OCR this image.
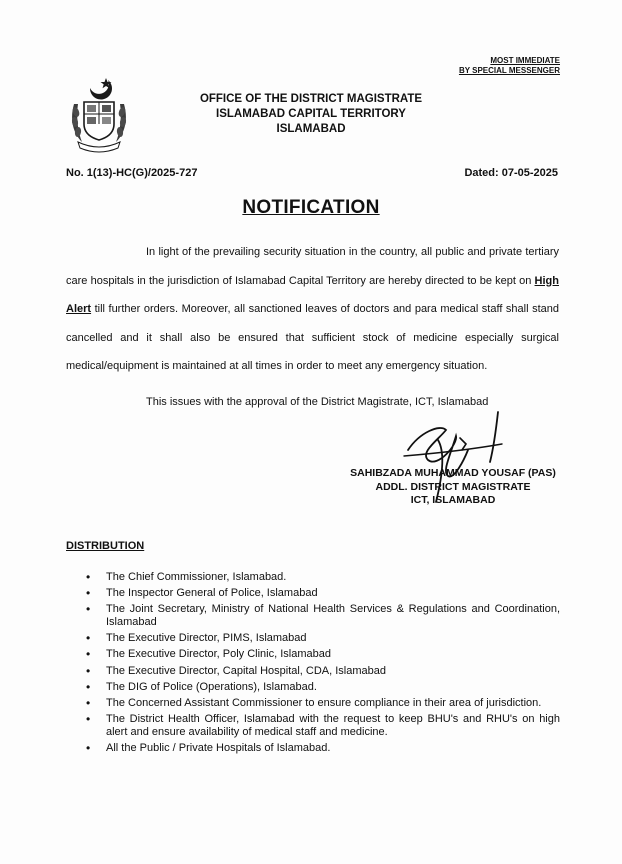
MOST IMMEDIATE
BY SPECIAL MESSENGER
OFFICE OF THE DISTRICT MAGISTRATE
ISLAMABAD CAPITAL TERRITORY
ISLAMABAD
No. 1(13)-HC(G)/2025-727	Dated: 07-05-2025
NOTIFICATION

In light of the prevailing security situation in the country, all public and private tertiary care hospitals in the jurisdiction of Islamabad Capital Territory are hereby directed to be kept on High Alert till further orders. Moreover, all sanctioned leaves of doctors and para medical staff shall stand cancelled and it shall also be ensured that sufficient stock of medicine especially surgical medical/equipment is maintained at all times in order to meet any emergency situation.

This issues with the approval of the District Magistrate, ICT, Islamabad
SAHIBZADA MUHAMMAD YOUSAF (PAS)
ADDL. DISTRICT MAGISTRATE
ICT, ISLAMABAD
DISTRIBUTION
• The Chief Commissioner, Islamabad.
• The Inspector General of Police, Islamabad
• The Joint Secretary, Ministry of National Health Services & Regulations and Coordination, Islamabad
• The Executive Director, PIMS, Islamabad
• The Executive Director, Poly Clinic, Islamabad
• The Executive Director, Capital Hospital, CDA, Islamabad
• The DIG of Police (Operations), Islamabad.
• The Concerned Assistant Commissioner to ensure compliance in their area of jurisdiction.
• The District Health Officer, Islamabad with the request to keep BHU's and RHU's on high alert and ensure availability of medical staff and medicine.
• All the Public / Private Hospitals of Islamabad.
